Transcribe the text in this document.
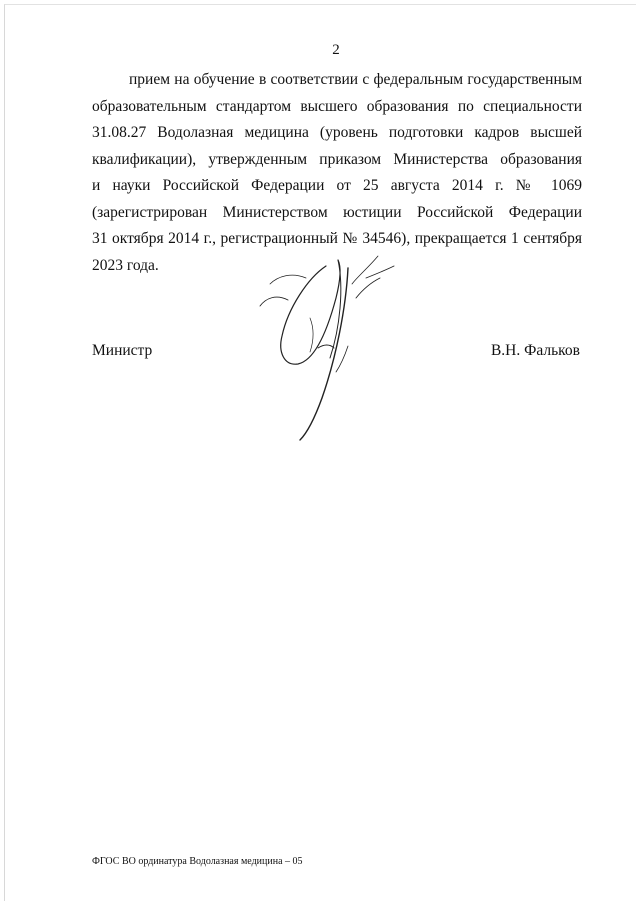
2
прием на обучение в соответствии с федеральным государственным
образовательным стандартом высшего образования по специальности
31.08.27 Водолазная медицина (уровень подготовки кадров высшей
квалификации), утвержденным приказом Министерства образования
и науки Российской Федерации от 25 августа 2014 г. № 1069
(зарегистрирован Министерством юстиции Российской Федерации
31 октября 2014 г., регистрационный № 34546), прекращается 1 сентября
2023 года.
Министр	В.Н. Фальков
ФГОС ВО ординатура Водолазная медицина – 05
